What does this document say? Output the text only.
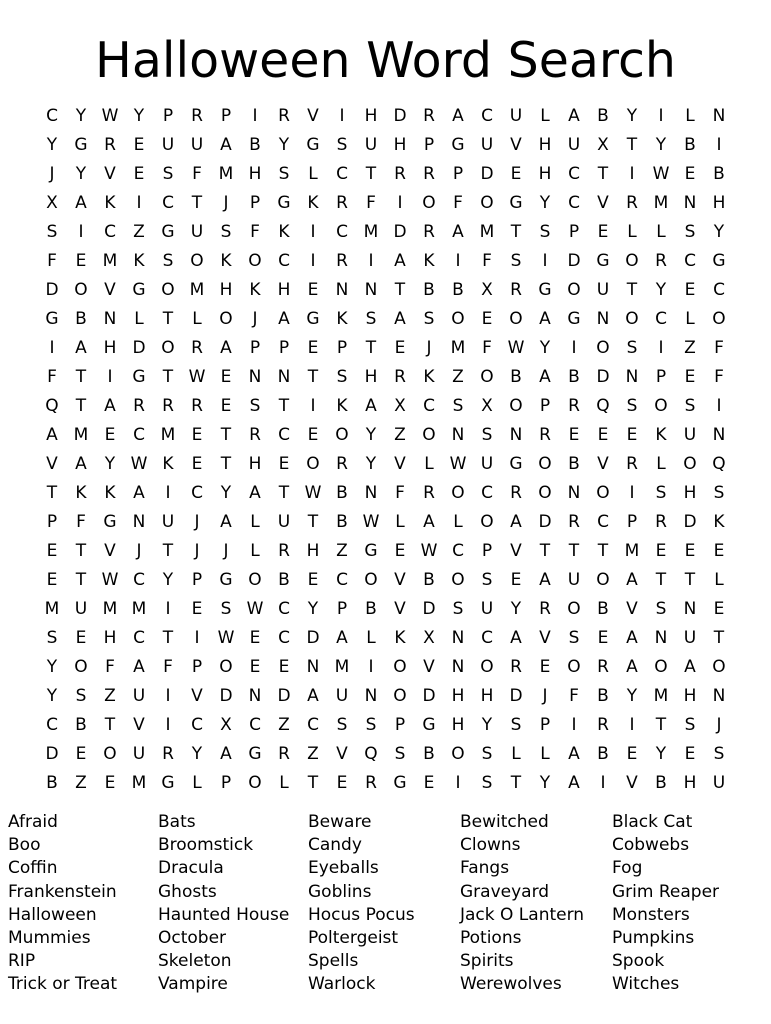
Halloween Word Search
C	Y W Y	P	R	P	I	R	V	I	H D R	A	C U	L	A	B	Y	I	L	N
Y	G R	E	U U A	B	Y	G	S	U H	P	G U V H U X	T	Y	B	I
J	Y	V	E	S	F M H	S	L	C	T	R	R	P	D	E	H C	T	I	W E	B
X	A	K	I	C	T	J	P	G K	R	F	I	O	F	O G	Y	C	V	R M N H
S	I	C	Z G U	S	F	K	I	C M D R	A M T	S	P	E	L	L	S	Y
F	E M K	S O K O C	I	R	I	A	K	I	F	S	I	D G O R	C G
D O V G O M H	K	H	E	N N	T	B	B	X	R G O U	T	Y	E	C
G B N	L	T	L	O	J	A G K	S	A	S O E O A G N O C	L	O
I	A H D O R	A	P	P	E	P	T	E	J	M F W Y	I	O S	I	Z	F
F	T	I	G	T W E	N N	T	S	H R	K	Z O B	A	B D N	P	E	F
Q	T	A	R	R	R	E	S	T	I	K	A	X	C	S	X O	P	R Q S O S	I
A M E	C M E	T	R	C	E O	Y	Z O N	S	N R	E	E	E	K	U N
V	A	Y W K	E	T	H	E O R	Y	V	L W U G O B	V	R	L	O Q
T	K	K	A	I	C	Y	A	T W B N	F	R O C	R O N O	I	S	H	S
P	F	G N U	J	A	L	U	T	B W L	A	L	O A D R	C	P	R D K
E	T	V	J	T	J	J	L	R H Z G	E W C	P	V	T	T	T M E	E	E
E	T W C	Y	P	G O B	E	C O V	B O S	E	A U O A	T	T	L
M U M M	I	E	S W C	Y	P	B	V D	S	U	Y	R O B	V	S	N	E
S	E	H C	T	I	W E	C D A	L	K	X N C	A	V	S	E	A N U	T
Y	O	F	A	F	P	O E	E	N M	I	O V N O R	E O R	A O A O
Y	S	Z U	I	V D N D A U N O D H H D	J	F	B	Y M H N
C	B	T	V	I	C	X	C	Z	C	S	S	P	G H	Y	S	P	I	R	I	T	S	J
D	E O U R	Y	A G R	Z	V Q S	B O S	L	L	A	B	E	Y	E	S
B	Z	E M G	L	P	O	L	T	E	R G	E	I	S	T	Y	A	I	V	B H U
Afraid
Boo
Coffin
Frankenstein
Halloween
Mummies
RIP
Trick or Treat
Bats
Broomstick
Dracula
Ghosts
Haunted House
October
Skeleton
Vampire
Beware
Candy
Eyeballs
Goblins
Hocus Pocus
Poltergeist
Spells
Warlock
Bewitched
Clowns
Fangs
Graveyard
Jack O Lantern
Potions
Spirits
Werewolves
Black Cat
Cobwebs
Fog
Grim Reaper
Monsters
Pumpkins
Spook
Witches
